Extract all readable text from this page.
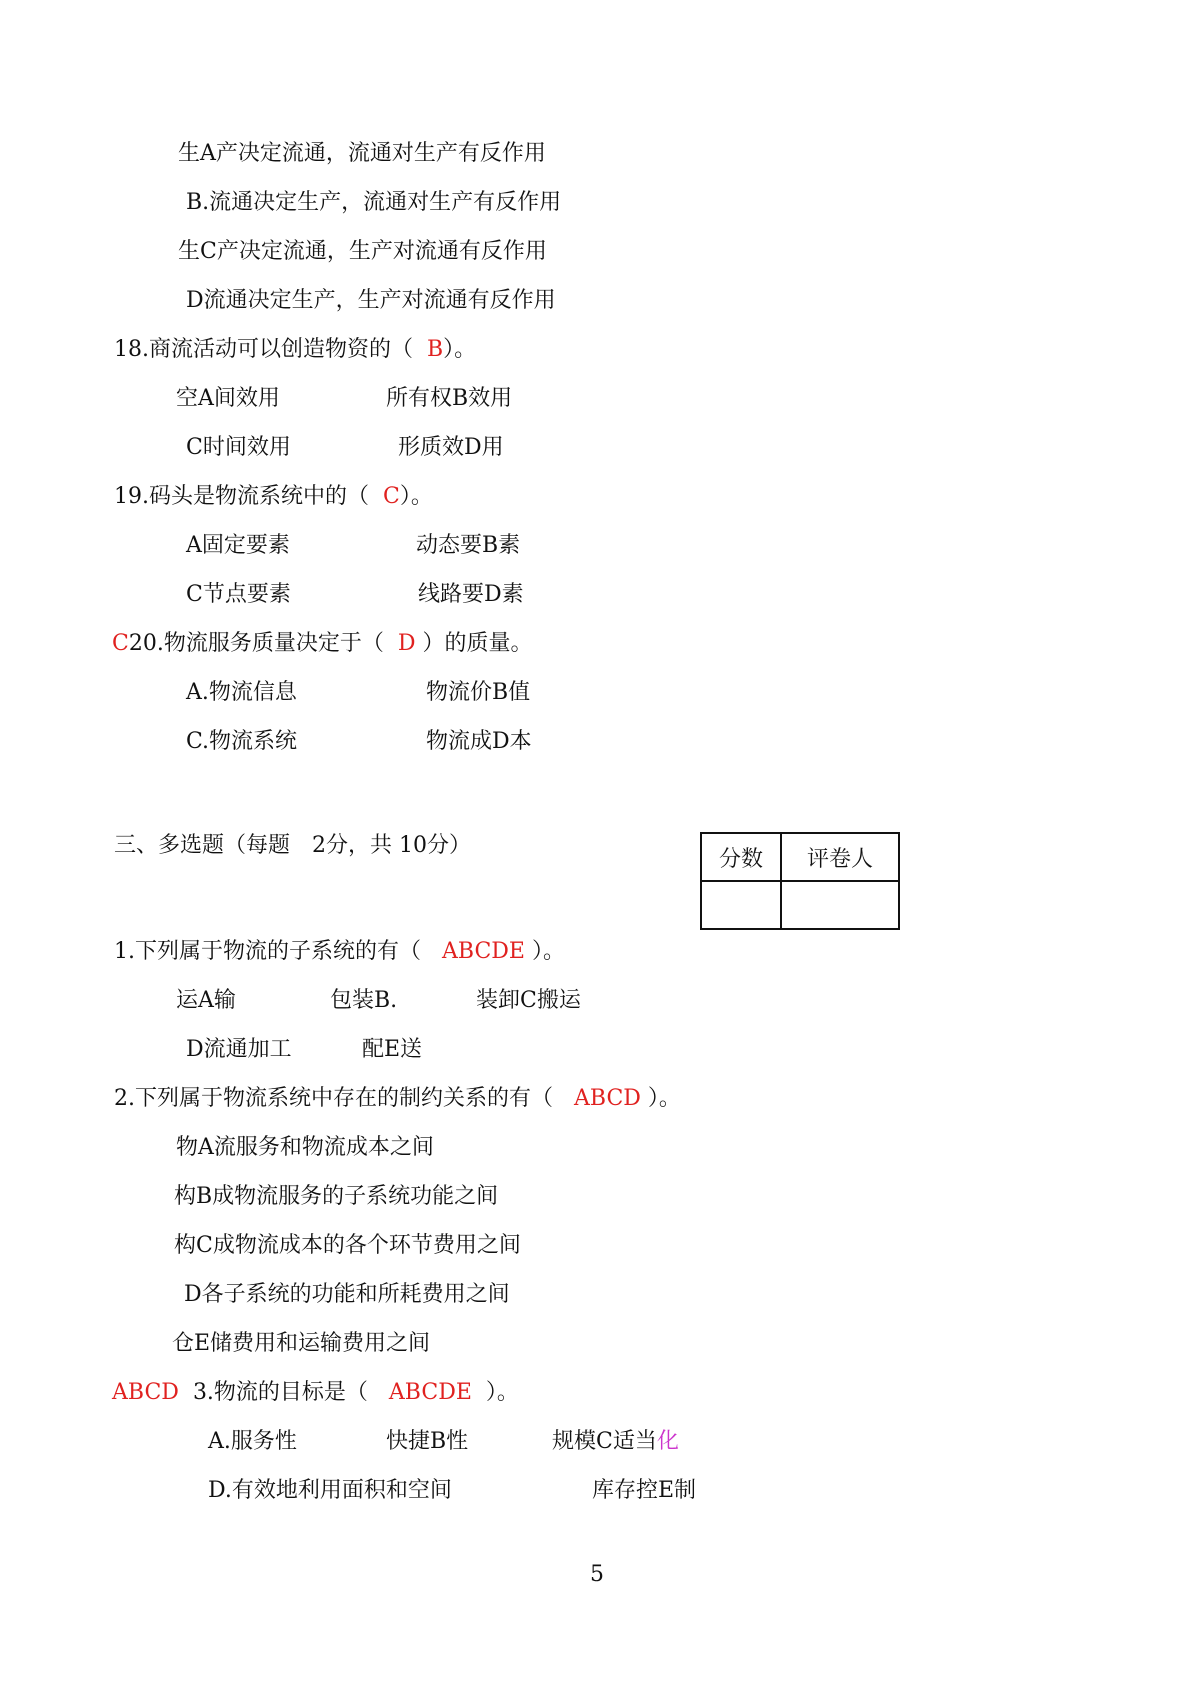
生A产决定流通，流通对生产有反作用
B.流通决定生产，流通对生产有反作用
生C产决定流通，生产对流通有反作用
D流通决定生产，生产对流通有反作用
18.商流活动可以创造物资的（ B）。
空A间效用	所有权B效用
C时间效用	形质效D用
19.码头是物流系统中的（ C）。
A固定要素	动态要B素
C节点要素	线路要D素
C20.物流服务质量决定于（ D ）的质量。
A.物流信息	物流价B值
C.物流系统	物流成D本
三、多选题（每题　2分，共 10分）
分数	评卷人

1.下列属于物流的子系统的有（ ABCDE ）。
运A输	包装B.	装卸C搬运
D流通加工	配E送
2.下列属于物流系统中存在的制约关系的有（ ABCD ）。
物A流服务和物流成本之间
构B成物流服务的子系统功能之间
构C成物流成本的各个环节费用之间
D各子系统的功能和所耗费用之间
仓E储费用和运输费用之间
ABCD 3.物流的目标是（ ABCDE ）。
A.服务性	快捷B性	规模C适当化
D.有效地利用面积和空间	库存控E制
5
